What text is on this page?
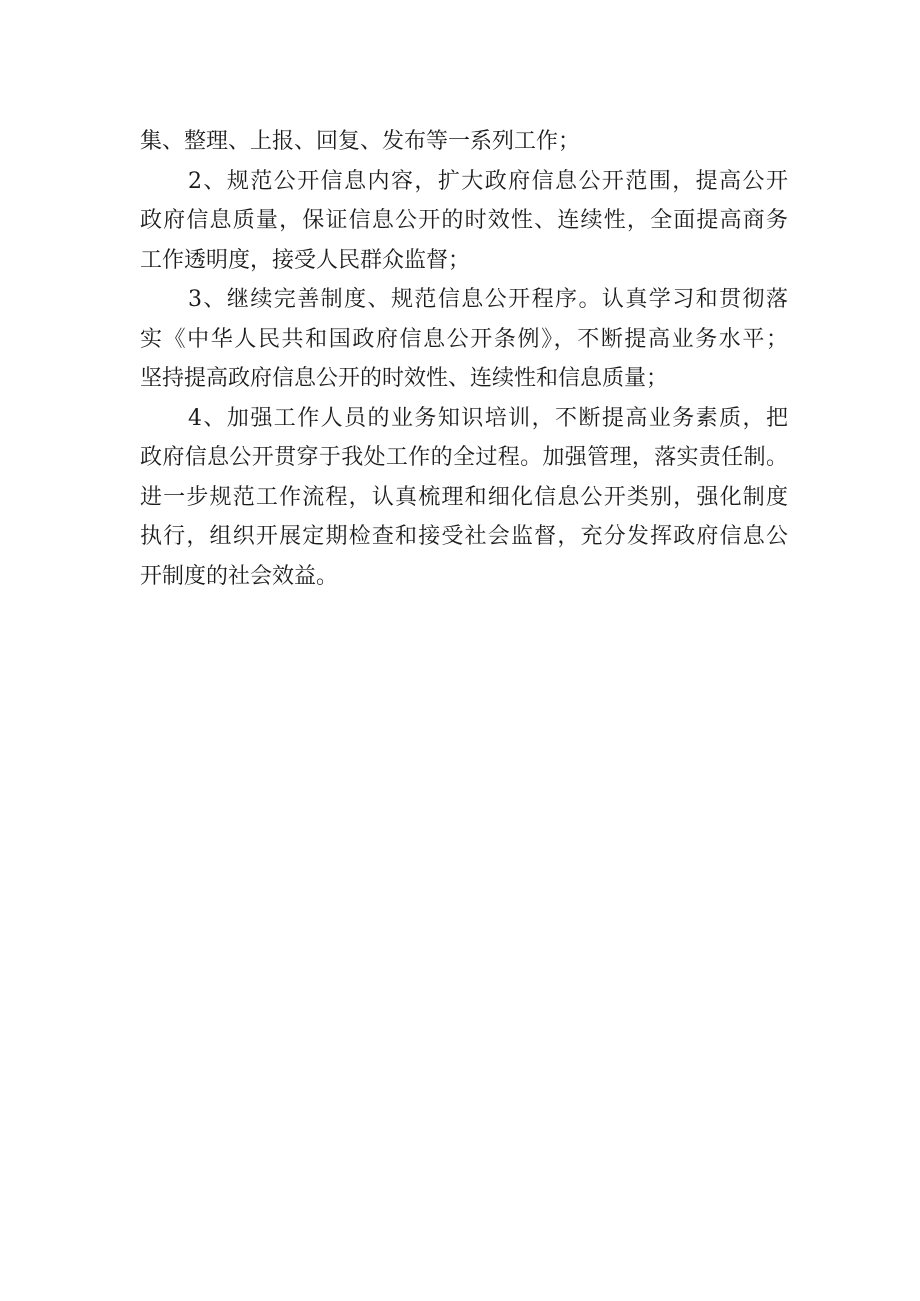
集、整理、上报、回复、发布等一系列工作；
2、规范公开信息内容，扩大政府信息公开范围，提高公开
政府信息质量，保证信息公开的时效性、连续性，全面提高商务
工作透明度，接受人民群众监督；
3、继续完善制度、规范信息公开程序。认真学习和贯彻落
实《中华人民共和国政府信息公开条例》，不断提高业务水平；
坚持提高政府信息公开的时效性、连续性和信息质量；
4、加强工作人员的业务知识培训，不断提高业务素质，把
政府信息公开贯穿于我处工作的全过程。加强管理，落实责任制。
进一步规范工作流程，认真梳理和细化信息公开类别，强化制度
执行，组织开展定期检查和接受社会监督，充分发挥政府信息公
开制度的社会效益。
